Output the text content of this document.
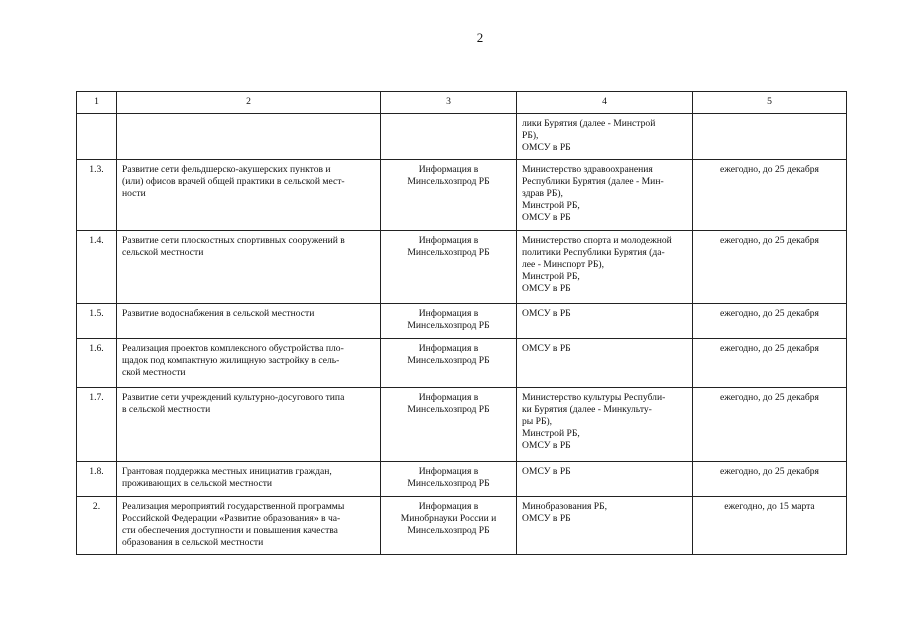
2
1	2	3	4	5

			лики Бурятия (далее - Минстрой
РБ),
ОМСУ в РБ	

1.3.	Развитие сети фельдшерско-акушерских пунктов и
(или) офисов врачей общей практики в сельской мест-
ности	Информация в
Минсельхозпрод РБ	Министерство здравоохранения
Республики Бурятия (далее - Мин-
здрав РБ),
Минстрой РБ,
ОМСУ в РБ	ежегодно, до 25 декабря

1.4.	Развитие сети плоскостных спортивных сооружений в
сельской местности	Информация в
Минсельхозпрод РБ	Министерство спорта и молодежной
политики Республики Бурятия (да-
лее - Минспорт РБ),
Минстрой РБ,
ОМСУ в РБ	ежегодно, до 25 декабря

1.5.	Развитие водоснабжения в сельской местности	Информация в
Минсельхозпрод РБ	ОМСУ в РБ	ежегодно, до 25 декабря

1.6.	Реализация проектов комплексного обустройства пло-
щадок под компактную жилищную застройку в сель-
ской местности	Информация в
Минсельхозпрод РБ	ОМСУ в РБ	ежегодно, до 25 декабря

1.7.	Развитие сети учреждений культурно-досугового типа
в сельской местности	Информация в
Минсельхозпрод РБ	Министерство культуры Республи-
ки Бурятия (далее - Минкульту-
ры РБ),
Минстрой РБ,
ОМСУ в РБ	ежегодно, до 25 декабря

1.8.	Грантовая поддержка местных инициатив граждан,
проживающих в сельской местности	Информация в
Минсельхозпрод РБ	ОМСУ в РБ	ежегодно, до 25 декабря

2.	Реализация мероприятий государственной программы
Российской Федерации «Развитие образования» в ча-
сти обеспечения доступности и повышения качества
образования в сельской местности	Информация в
Минобрнауки России и
Минсельхозпрод РБ	Минобразования РБ,
ОМСУ в РБ	ежегодно, до 15 марта
